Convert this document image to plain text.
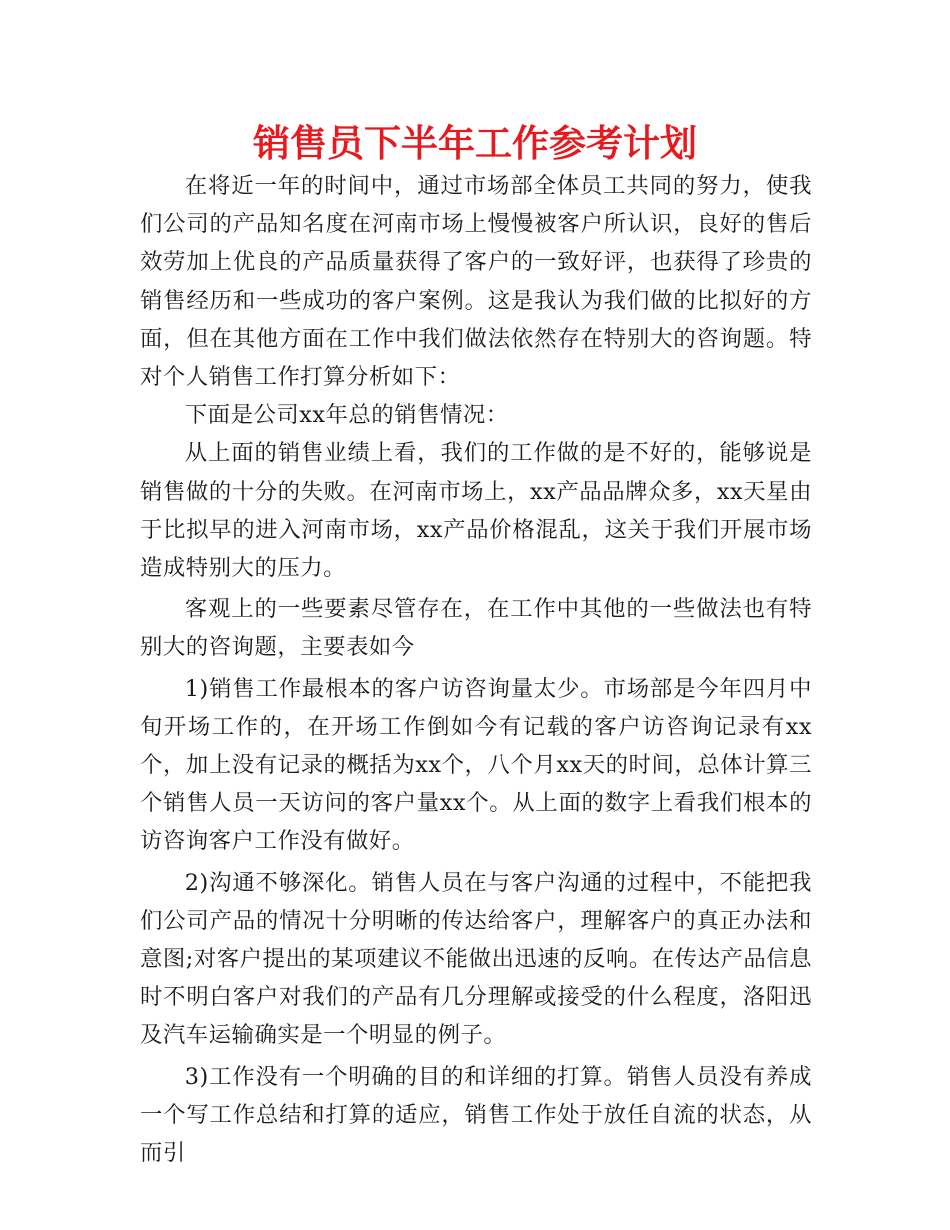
销售员下半年工作参考计划

在将近一年的时间中，通过市场部全体员工共同的努力，使我们公司的产品知名度在河南市场上慢慢被客户所认识，良好的售后效劳加上优良的产品质量获得了客户的一致好评，也获得了珍贵的销售经历和一些成功的客户案例。这是我认为我们做的比拟好的方面，但在其他方面在工作中我们做法依然存在特别大的咨询题。特对个人销售工作打算分析如下：

下面是公司xx年总的销售情况：

从上面的销售业绩上看，我们的工作做的是不好的，能够说是销售做的十分的失败。在河南市场上，xx产品品牌众多，xx天星由于比拟早的进入河南市场，xx产品价格混乱，这关于我们开展市场造成特别大的压力。

客观上的一些要素尽管存在，在工作中其他的一些做法也有特别大的咨询题，主要表如今

1)销售工作最根本的客户访咨询量太少。市场部是今年四月中旬开场工作的，在开场工作倒如今有记载的客户访咨询记录有xx个，加上没有记录的概括为xx个，八个月xx天的时间，总体计算三个销售人员一天访问的客户量xx个。从上面的数字上看我们根本的访咨询客户工作没有做好。

2)沟通不够深化。销售人员在与客户沟通的过程中，不能把我们公司产品的情况十分明晰的传达给客户，理解客户的真正办法和意图;对客户提出的某项建议不能做出迅速的反响。在传达产品信息时不明白客户对我们的产品有几分理解或接受的什么程度，洛阳迅及汽车运输确实是一个明显的例子。

3)工作没有一个明确的目的和详细的打算。销售人员没有养成一个写工作总结和打算的适应，销售工作处于放任自流的状态，从而引
